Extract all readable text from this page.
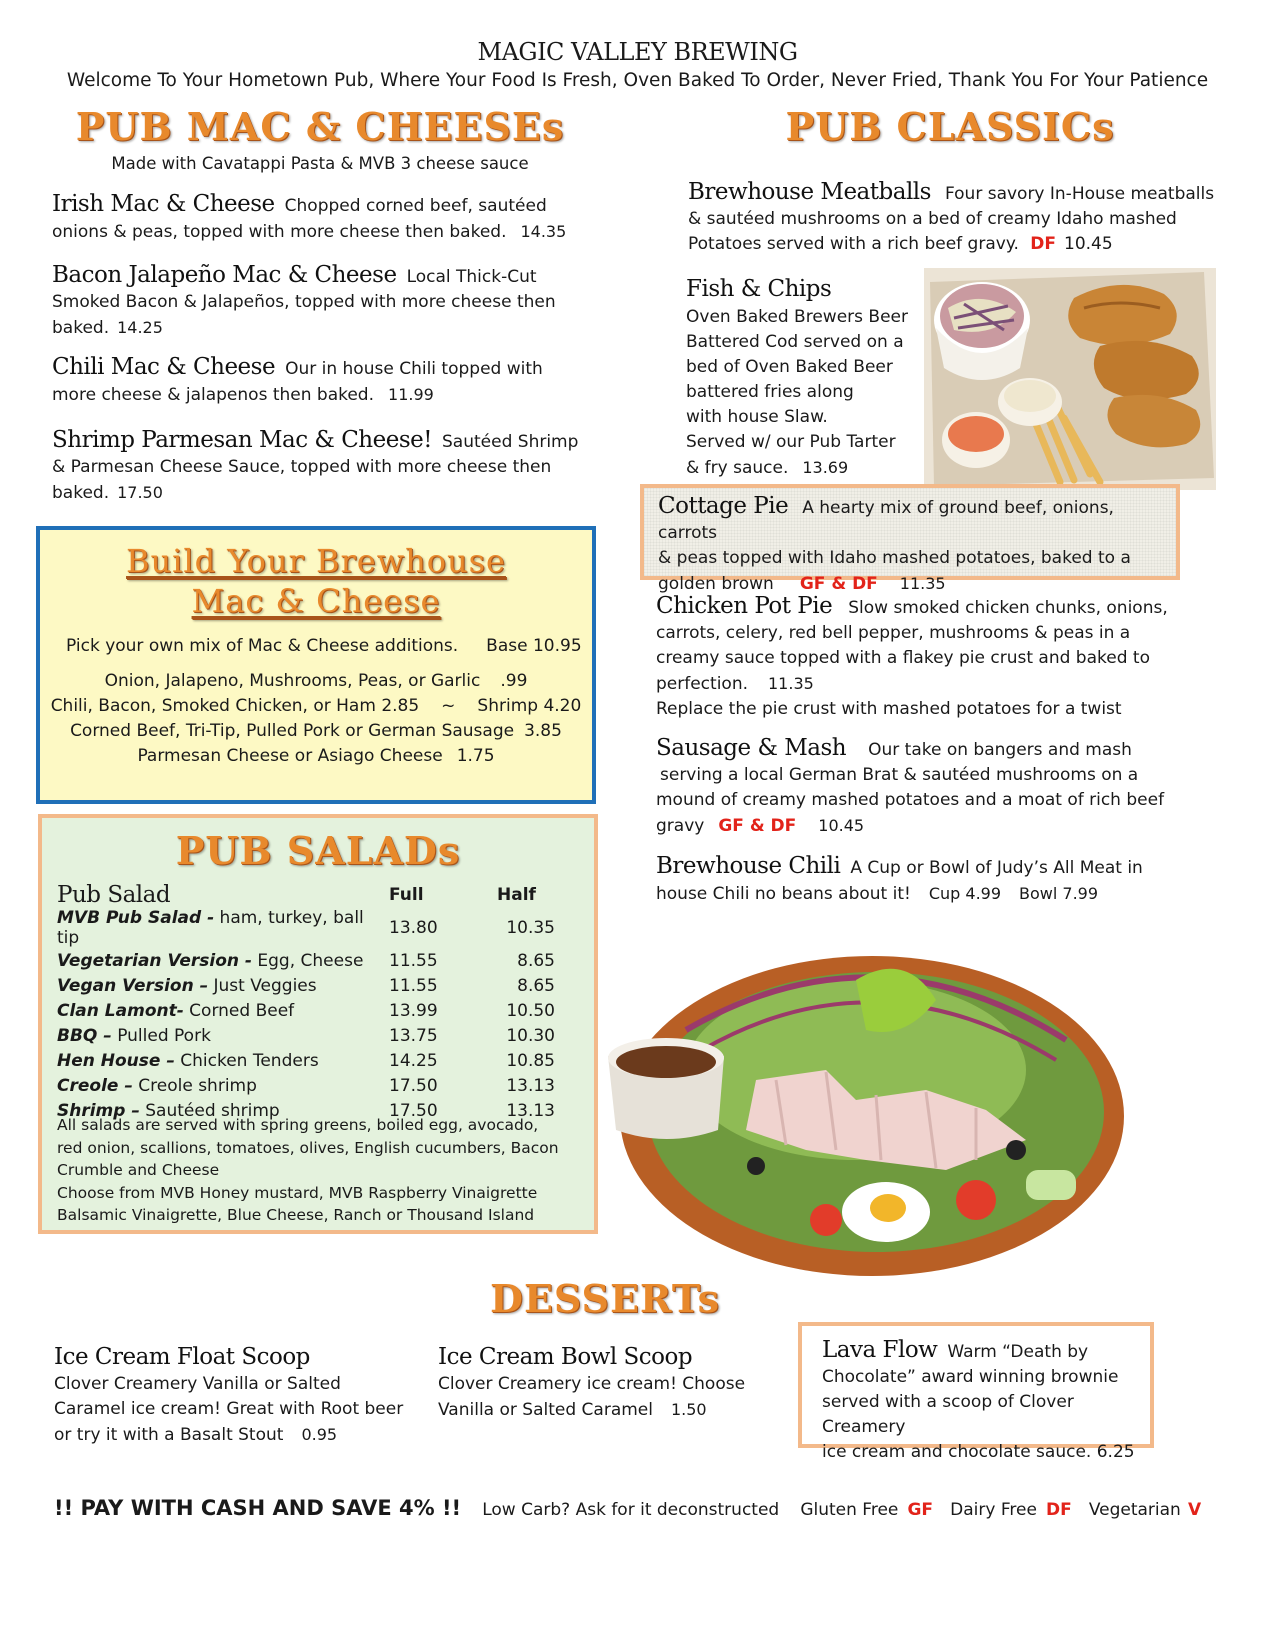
MAGIC VALLEY BREWING
Welcome To Your Hometown Pub, Where Your Food Is Fresh, Oven Baked To Order, Never Fried, Thank You For Your Patience
PUB MAC & CHEESEs
Made with Cavatappi Pasta & MVB 3 cheese sauce
Irish Mac & Cheese Chopped corned beef, sautéed
onions & peas, topped with more cheese then baked. 14.35
Bacon Jalapeño Mac & Cheese Local Thick-Cut
Smoked Bacon & Jalapeños, topped with more cheese then
baked. 14.25
Chili Mac & Cheese Our in house Chili topped with
more cheese & jalapenos then baked. 11.99
Shrimp Parmesan Mac & Cheese! Sautéed Shrimp
& Parmesan Cheese Sauce, topped with more cheese then
baked. 17.50
Build Your Brewhouse
Mac & Cheese
Pick your own mix of Mac & Cheese additions. Base 10.95
Onion, Jalapeno, Mushrooms, Peas, or Garlic .99
Chili, Bacon, Smoked Chicken, or Ham 2.85 ~ Shrimp 4.20
Corned Beef, Tri-Tip, Pulled Pork or German Sausage 3.85
Parmesan Cheese or Asiago Cheese 1.75
PUB SALADs
Pub Salad	Full	Half
MVB Pub Salad - ham, turkey, ball tip	13.80	10.35
Vegetarian Version - Egg, Cheese	11.55	8.65
Vegan Version – Just Veggies	11.55	8.65
Clan Lamont- Corned Beef	13.99	10.50
BBQ – Pulled Pork	13.75	10.30
Hen House – Chicken Tenders	14.25	10.85
Creole – Creole shrimp	17.50	13.13
Shrimp – Sautéed shrimp	17.50	13.13
All salads are served with spring greens, boiled egg, avocado,
red onion, scallions, tomatoes, olives, English cucumbers, Bacon
Crumble and Cheese
Choose from MVB Honey mustard, MVB Raspberry Vinaigrette
Balsamic Vinaigrette, Blue Cheese, Ranch or Thousand Island
PUB CLASSICs
Brewhouse Meatballs Four savory In-House meatballs
& sautéed mushrooms on a bed of creamy Idaho mashed
Potatoes served with a rich beef gravy. DF 10.45
Fish & Chips
Oven Baked Brewers Beer
Battered Cod served on a
bed of Oven Baked Beer
battered fries along
with house Slaw.
Served w/ our Pub Tarter
& fry sauce. 13.69
Cottage Pie A hearty mix of ground beef, onions, carrots
& peas topped with Idaho mashed potatoes, baked to a
golden brown GF & DF 11.35
Chicken Pot Pie Slow smoked chicken chunks, onions,
carrots, celery, red bell pepper, mushrooms & peas in a
creamy sauce topped with a flakey pie crust and baked to
perfection. 11.35
Replace the pie crust with mashed potatoes for a twist
Sausage & Mash Our take on bangers and mash
serving a local German Brat & sautéed mushrooms on a
mound of creamy mashed potatoes and a moat of rich beef
gravy GF & DF 10.45
Brewhouse Chili A Cup or Bowl of Judy’s All Meat in
house Chili no beans about it! Cup 4.99 Bowl 7.99
DESSERTs
Ice Cream Float Scoop
Clover Creamery Vanilla or Salted
Caramel ice cream! Great with Root beer
or try it with a Basalt Stout 0.95
Ice Cream Bowl Scoop
Clover Creamery ice cream! Choose
Vanilla or Salted Caramel 1.50
Lava Flow Warm “Death by
Chocolate” award winning brownie
served with a scoop of Clover Creamery
ice cream and chocolate sauce. 6.25
!! PAY WITH CASH AND SAVE 4% !! Low Carb? Ask for it deconstructed Gluten Free GF Dairy Free DF Vegetarian V
